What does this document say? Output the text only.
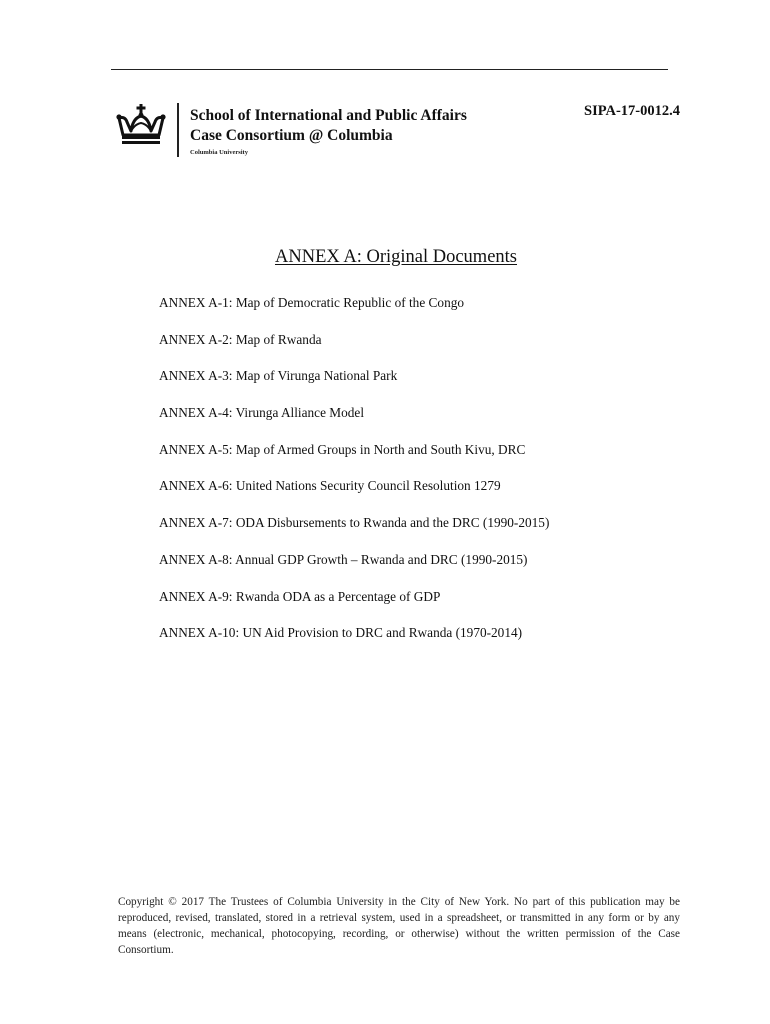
School of International and Public Affairs
Case Consortium @ Columbia
Columbia University
SIPA-17-0012.4
ANNEX A: Original Documents
ANNEX A-1: Map of Democratic Republic of the Congo
ANNEX A-2: Map of Rwanda
ANNEX A-3: Map of Virunga National Park
ANNEX A-4: Virunga Alliance Model
ANNEX A-5: Map of Armed Groups in North and South Kivu, DRC
ANNEX A-6: United Nations Security Council Resolution 1279
ANNEX A-7: ODA Disbursements to Rwanda and the DRC (1990-2015)
ANNEX A-8: Annual GDP Growth – Rwanda and DRC (1990-2015)
ANNEX A-9: Rwanda ODA as a Percentage of GDP
ANNEX A-10: UN Aid Provision to DRC and Rwanda (1970-2014)
Copyright © 2017 The Trustees of Columbia University in the City of New York. No part of this publication may be reproduced, revised, translated, stored in a retrieval system, used in a spreadsheet, or transmitted in any form or by any means (electronic, mechanical, photocopying, recording, or otherwise) without the written permission of the Case Consortium.
